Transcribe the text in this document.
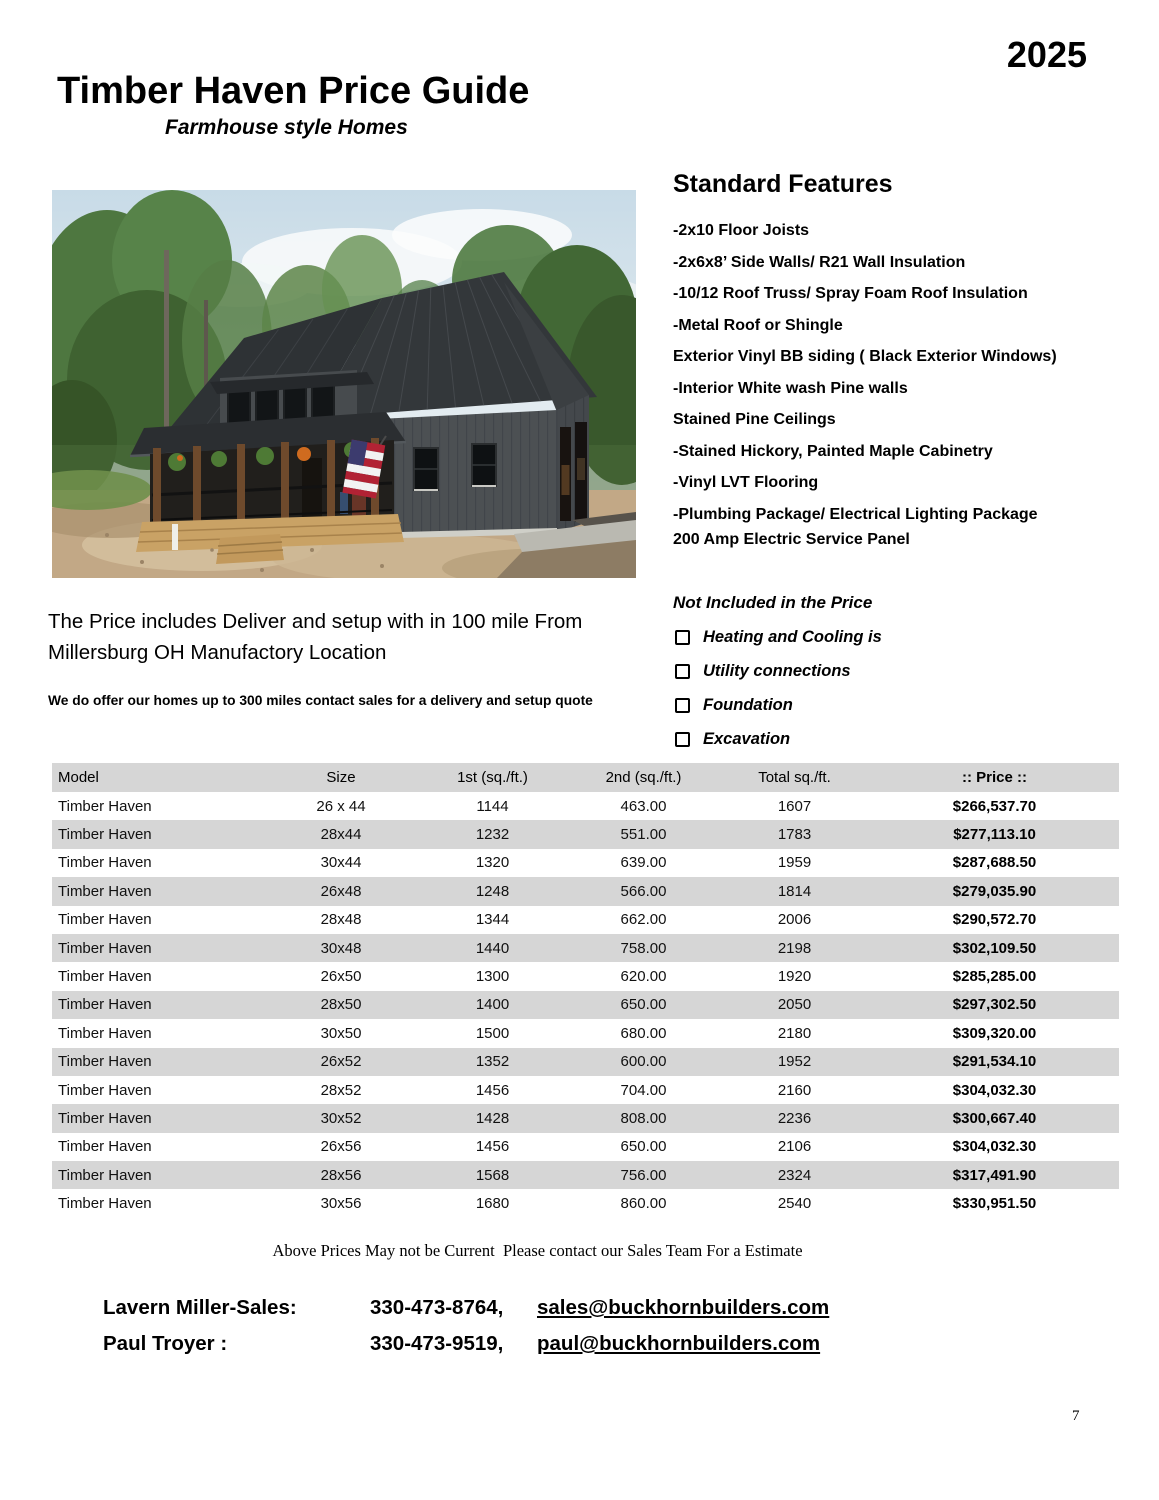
2025
Timber Haven Price Guide
Farmhouse style Homes
Standard Features
-2x10 Floor Joists
-2x6x8’ Side Walls/ R21 Wall Insulation
-10/12 Roof Truss/ Spray Foam Roof Insulation
-Metal Roof or Shingle
Exterior Vinyl BB siding ( Black Exterior Windows)
-Interior White wash Pine walls
Stained Pine Ceilings
-Stained Hickory, Painted Maple Cabinetry
-Vinyl LVT Flooring
-Plumbing Package/ Electrical Lighting Package
200 Amp Electric Service Panel
Not Included in the Price
Heating and Cooling is
Utility connections
Foundation
Excavation
The Price includes Deliver and setup with in 100 mile From Millersburg OH Manufactory Location
We do offer our homes up to 300 miles contact sales for a delivery and setup quote
Model	Size	1st (sq./ft.)	2nd (sq./ft.)	Total sq./ft.	:: Price ::
Timber Haven	26 x 44	1144	463.00	1607	$266,537.70
Timber Haven	28x44	1232	551.00	1783	$277,113.10
Timber Haven	30x44	1320	639.00	1959	$287,688.50
Timber Haven	26x48	1248	566.00	1814	$279,035.90
Timber Haven	28x48	1344	662.00	2006	$290,572.70
Timber Haven	30x48	1440	758.00	2198	$302,109.50
Timber Haven	26x50	1300	620.00	1920	$285,285.00
Timber Haven	28x50	1400	650.00	2050	$297,302.50
Timber Haven	30x50	1500	680.00	2180	$309,320.00
Timber Haven	26x52	1352	600.00	1952	$291,534.10
Timber Haven	28x52	1456	704.00	2160	$304,032.30
Timber Haven	30x52	1428	808.00	2236	$300,667.40
Timber Haven	26x56	1456	650.00	2106	$304,032.30
Timber Haven	28x56	1568	756.00	2324	$317,491.90
Timber Haven	30x56	1680	860.00	2540	$330,951.50
Above Prices May not be Current  Please contact our Sales Team For a Estimate
Lavern Miller-Sales:	330-473-8764,	sales@buckhornbuilders.com
Paul Troyer :	330-473-9519,	paul@buckhornbuilders.com
7
